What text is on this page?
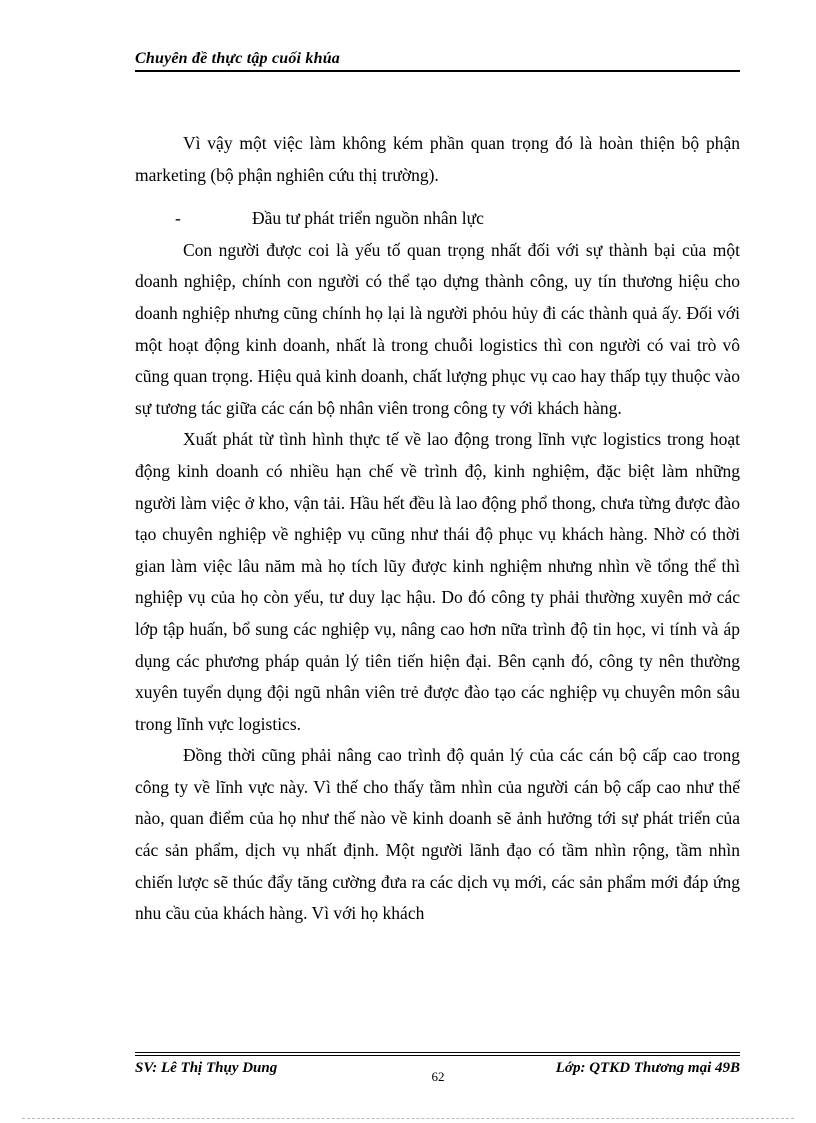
Chuyên đề thực tập cuối khúa

Vì vậy một việc làm không kém phần quan trọng đó là hoàn thiện bộ phận marketing (bộ phận nghiên cứu thị trường).

-	Đầu tư phát triển nguồn nhân lực

Con người được coi là yếu tố quan trọng nhất đối với sự thành bại của một doanh nghiệp, chính con người có thể tạo dựng thành công, uy tín thương hiệu cho doanh nghiệp nhưng cũng chính họ lại là người phỏu hủy đi các thành quả ấy. Đối với một hoạt động kinh doanh, nhất là trong chuỗi logistics thì con người có vai trò vô cũng quan trọng. Hiệu quả kinh doanh, chất lượng phục vụ cao hay thấp tụy thuộc vào sự tương tác giữa các cán bộ nhân viên trong công ty với khách hàng.

Xuất phát từ tình hình thực tế về lao động trong lĩnh vực logistics trong hoạt động kinh doanh có nhiều hạn chế về trình độ, kinh nghiệm, đặc biệt làm những người làm việc ở kho, vận tải. Hầu hết đều là lao động phổ thong, chưa từng được đào tạo chuyên nghiệp về nghiệp vụ cũng như thái độ phục vụ khách hàng. Nhờ có thời gian làm việc lâu năm mà họ tích lũy được kinh nghiệm nhưng nhìn về tổng thể thì nghiệp vụ của họ còn yếu, tư duy lạc hậu. Do đó công ty phải thường xuyên mở các lớp tập huấn, bổ sung các nghiệp vụ, nâng cao hơn nữa trình độ tin học, vi tính và áp dụng các phương pháp quản lý tiên tiến hiện đại. Bên cạnh đó, công ty nên thường xuyên tuyển dụng đội ngũ nhân viên trẻ được đào tạo các nghiệp vụ chuyên môn sâu trong lĩnh vực logistics.

Đồng thời cũng phải nâng cao trình độ quản lý của các cán bộ cấp cao trong công ty về lĩnh vực này. Vì thế cho thấy tầm nhìn của người cán bộ cấp cao như thế nào, quan điểm của họ như thế nào về kinh doanh sẽ ảnh hưởng tới sự phát triển của các sản phẩm, dịch vụ nhất định. Một người lãnh đạo có tầm nhìn rộng, tầm nhìn chiến lược sẽ thúc đẩy tăng cường đưa ra các dịch vụ mới, các sản phẩm mới đáp ứng nhu cầu của khách hàng. Vì với họ khách

SV: Lê Thị Thụy Dung	Lớp: QTKD Thương mại 49B
62
